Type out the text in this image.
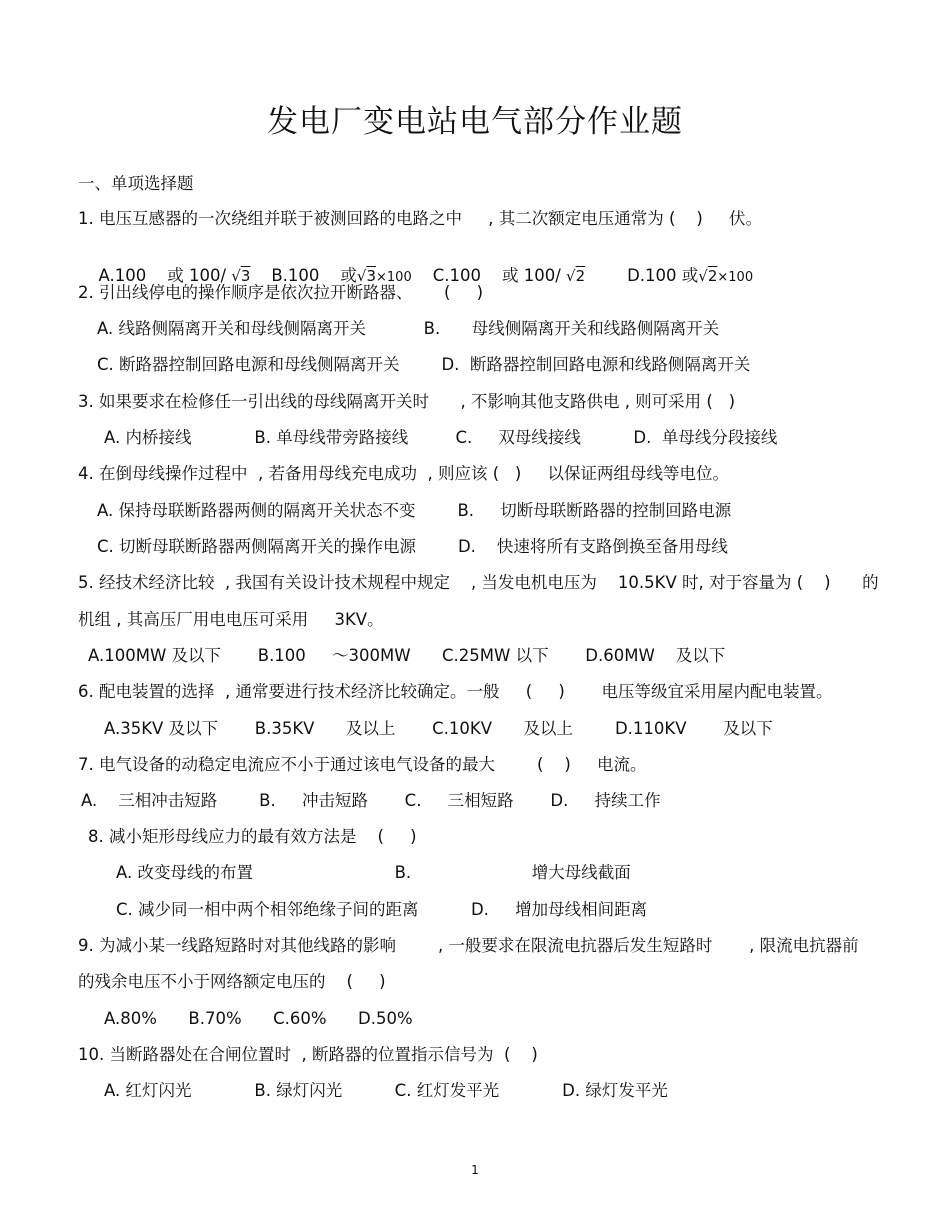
发电厂变电站电气部分作业题
一、单项选择题
1. 电压互感器的一次绕组并联于被测回路的电路之中     , 其二次额定电压通常为 (    )     伏。

A.100    或 100/ √3 B.100    或√3×100 C.100    或 100/ √2	D.100 或√2×100

2. 引出线停电的操作顺序是依次拉开断路器、      (     )
A. 线路侧隔离开关和母线侧隔离开关           B.      母线侧隔离开关和线路侧隔离开关
C. 断路器控制回路电源和母线侧隔离开关        D.  断路器控制回路电源和线路侧隔离开关
3. 如果要求在检修任一引出线的母线隔离开关时      , 不影响其他支路供电 , 则可采用 (   )
A. 内桥接线            B. 单母线带旁路接线         C.     双母线接线          D.  单母线分段接线
4. 在倒母线操作过程中  , 若备用母线充电成功  , 则应该 (   )     以保证两组母线等电位。
A. 保持母联断路器两侧的隔离开关状态不变        B.     切断母联断路器的控制回路电源
C. 切断母联断路器两侧隔离开关的操作电源        D.    快速将所有支路倒换至备用母线
5. 经技术经济比较  , 我国有关设计技术规程中规定    , 当发电机电压为    10.5KV 时, 对于容量为 (    )      的
机组 , 其高压厂用电电压可采用     3KV。
A.100MW 及以下       B.100     ～300MW      C.25MW 以下       D.60MW    及以下
6. 配电装置的选择  , 通常要进行技术经济比较确定。一般     (     )       电压等级宜采用屋内配电装置。
A.35KV 及以下       B.35KV      及以上       C.10KV      及以上        D.110KV       及以下
7. 电气设备的动稳定电流应不小于通过该电气设备的最大        (    )     电流。
A.    三相冲击短路        B.     冲击短路       C.     三相短路       D.     持续工作
8. 减小矩形母线应力的最有效方法是    (     )
A. 改变母线的布置                           B.                       增大母线截面
C. 减少同一相中两个相邻绝缘子间的距离          D.     增加母线相间距离
9. 为减小某一线路短路时对其他线路的影响        , 一般要求在限流电抗器后发生短路时       , 限流电抗器前
的残余电压不小于网络额定电压的    (     )
A.80%      B.70%      C.60%      D.50%
10. 当断路器处在合闸位置时  , 断路器的位置指示信号为  (    )
A. 红灯闪光            B. 绿灯闪光          C. 红灯发平光            D. 绿灯发平光
1
